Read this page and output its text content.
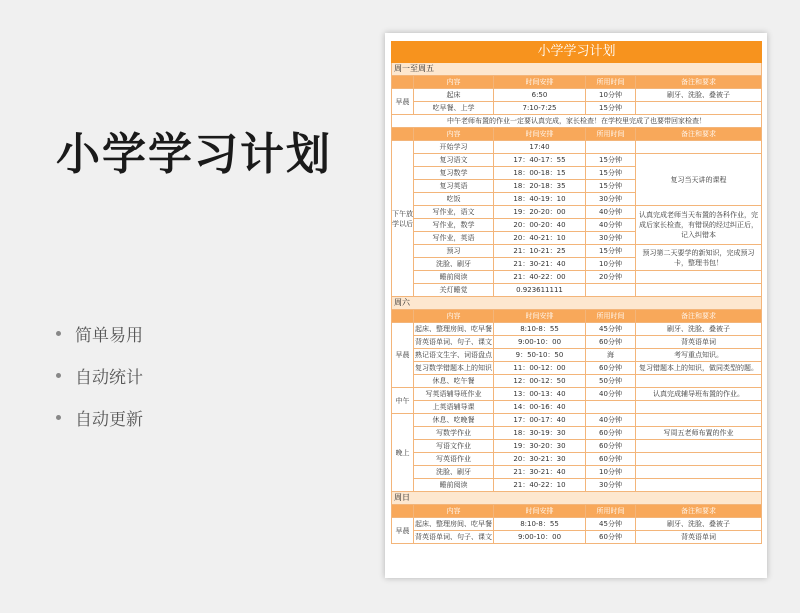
小学学习计划
简单易用
自动统计
自动更新
小学学习计划				
周一至周五				
	内容	时间安排	所用时间	备注和要求
早晨	起床	6:50	10分钟	刷牙、洗脸、叠被子
	吃早餐、上学	7:10-7:25	15分钟	
中午老师布置的作业一定要认真完成，家长检查！在学校里完成了也要带回家检查！				
	内容	时间安排	所用时间	备注和要求
下午放学以后	开始学习	17:40		
	复习语文	17：40-17：55	15分钟	复习当天讲的课程
	复习数学	18：00-18：15	15分钟	
	复习英语	18：20-18：35	15分钟	
	吃饭	18：40-19：10	30分钟	
	写作业，语文	19：20-20：00	40分钟	认真完成老师当天布置的各科作业，完成后家长检查，有错误的经过纠正后，记入纠错本
	写作业，数学	20：00-20：40	40分钟	
	写作业，英语	20：40-21：10	30分钟	
	预习	21：10-21：25	15分钟	预习第二天要学的新知识，完成预习卡，整理书包！
	洗脸、刷牙	21：30-21：40	10分钟	
	睡前阅读	21：40-22：00	20分钟	
	关灯睡觉	0.923611111		
周六				
	内容	时间安排	所用时间	备注和要求
早晨	起床、整理房间、吃早餐	8:10-8：55	45分钟	刷牙、洗脸、叠被子
	背英语单词、句子、课文	9:00-10：00	60分钟	背英语单词
	熟记语文生字、词语盘点	9：50-10：50	海	考写重点知识。
	复习数学错题本上的知识	11：00-12：00	60分钟	复习错题本上的知识，做同类型的题。
	休息、吃午餐	12：00-12：50	50分钟	
中午	写英语辅导班作业	13：00-13：40	40分钟	认真完成辅导班布置的作业。
	上英语辅导课	14：00-16：40		
晚上	休息、吃晚餐	17：00-17：40	40分钟	
	写数学作业	18：30-19：30	60分钟	写周五老师布置的作业
	写语文作业	19：30-20：30	60分钟	
	写英语作业	20：30-21：30	60分钟	
	洗脸、刷牙	21：30-21：40	10分钟	
	睡前阅读	21：40-22：10	30分钟	
周日				
	内容	时间安排	所用时间	备注和要求
早晨	起床、整理房间、吃早餐	8:10-8：55	45分钟	刷牙、洗脸、叠被子
	背英语单词、句子、课文	9:00-10：00	60分钟	背英语单词
